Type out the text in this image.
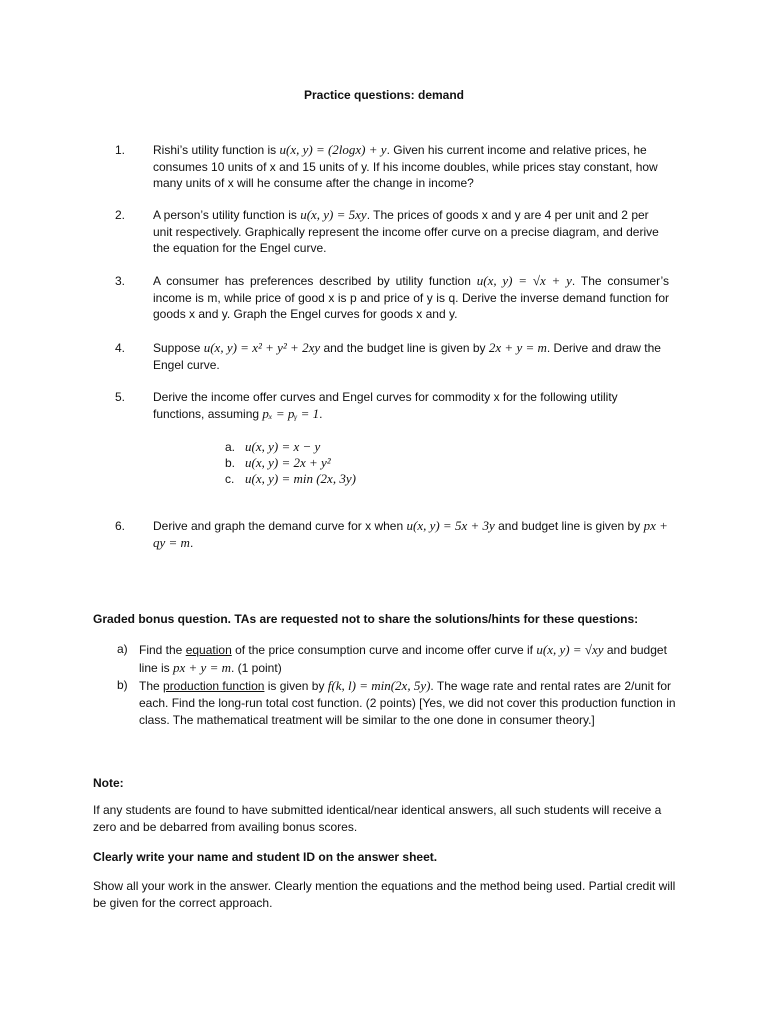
Practice questions: demand
1. Rishi’s utility function is u(x, y) = (2logx) + y. Given his current income and relative prices, he consumes 10 units of x and 15 units of y. If his income doubles, while prices stay constant, how many units of x will he consume after the change in income?
2. A person’s utility function is u(x, y) = 5xy. The prices of goods x and y are 4 per unit and 2 per unit respectively. Graphically represent the income offer curve on a precise diagram, and derive the equation for the Engel curve.
3. A consumer has preferences described by utility function u(x, y) = √x + y. The consumer’s income is m, while price of good x is p and price of y is q. Derive the inverse demand function for goods x and y. Graph the Engel curves for goods x and y.
4. Suppose u(x, y) = x² + y² + 2xy and the budget line is given by 2x + y = m. Derive and draw the Engel curve.
5. Derive the income offer curves and Engel curves for commodity x for the following utility functions, assuming pₓ = pᵧ = 1.
a. u(x, y) = x − y
b. u(x, y) = 2x + y²
c. u(x, y) = min (2x, 3y)
6. Derive and graph the demand curve for x when u(x, y) = 5x + 3y and budget line is given by px + qy = m.
Graded bonus question. TAs are requested not to share the solutions/hints for these questions:
a) Find the equation of the price consumption curve and income offer curve if u(x, y) = √xy and budget line is px + y = m. (1 point)
b) The production function is given by f(k, l) = min(2x, 5y). The wage rate and rental rates are 2/unit for each. Find the long-run total cost function. (2 points) [Yes, we did not cover this production function in class. The mathematical treatment will be similar to the one done in consumer theory.]
Note:
If any students are found to have submitted identical/near identical answers, all such students will receive a zero and be debarred from availing bonus scores.
Clearly write your name and student ID on the answer sheet.
Show all your work in the answer. Clearly mention the equations and the method being used. Partial credit will be given for the correct approach.
